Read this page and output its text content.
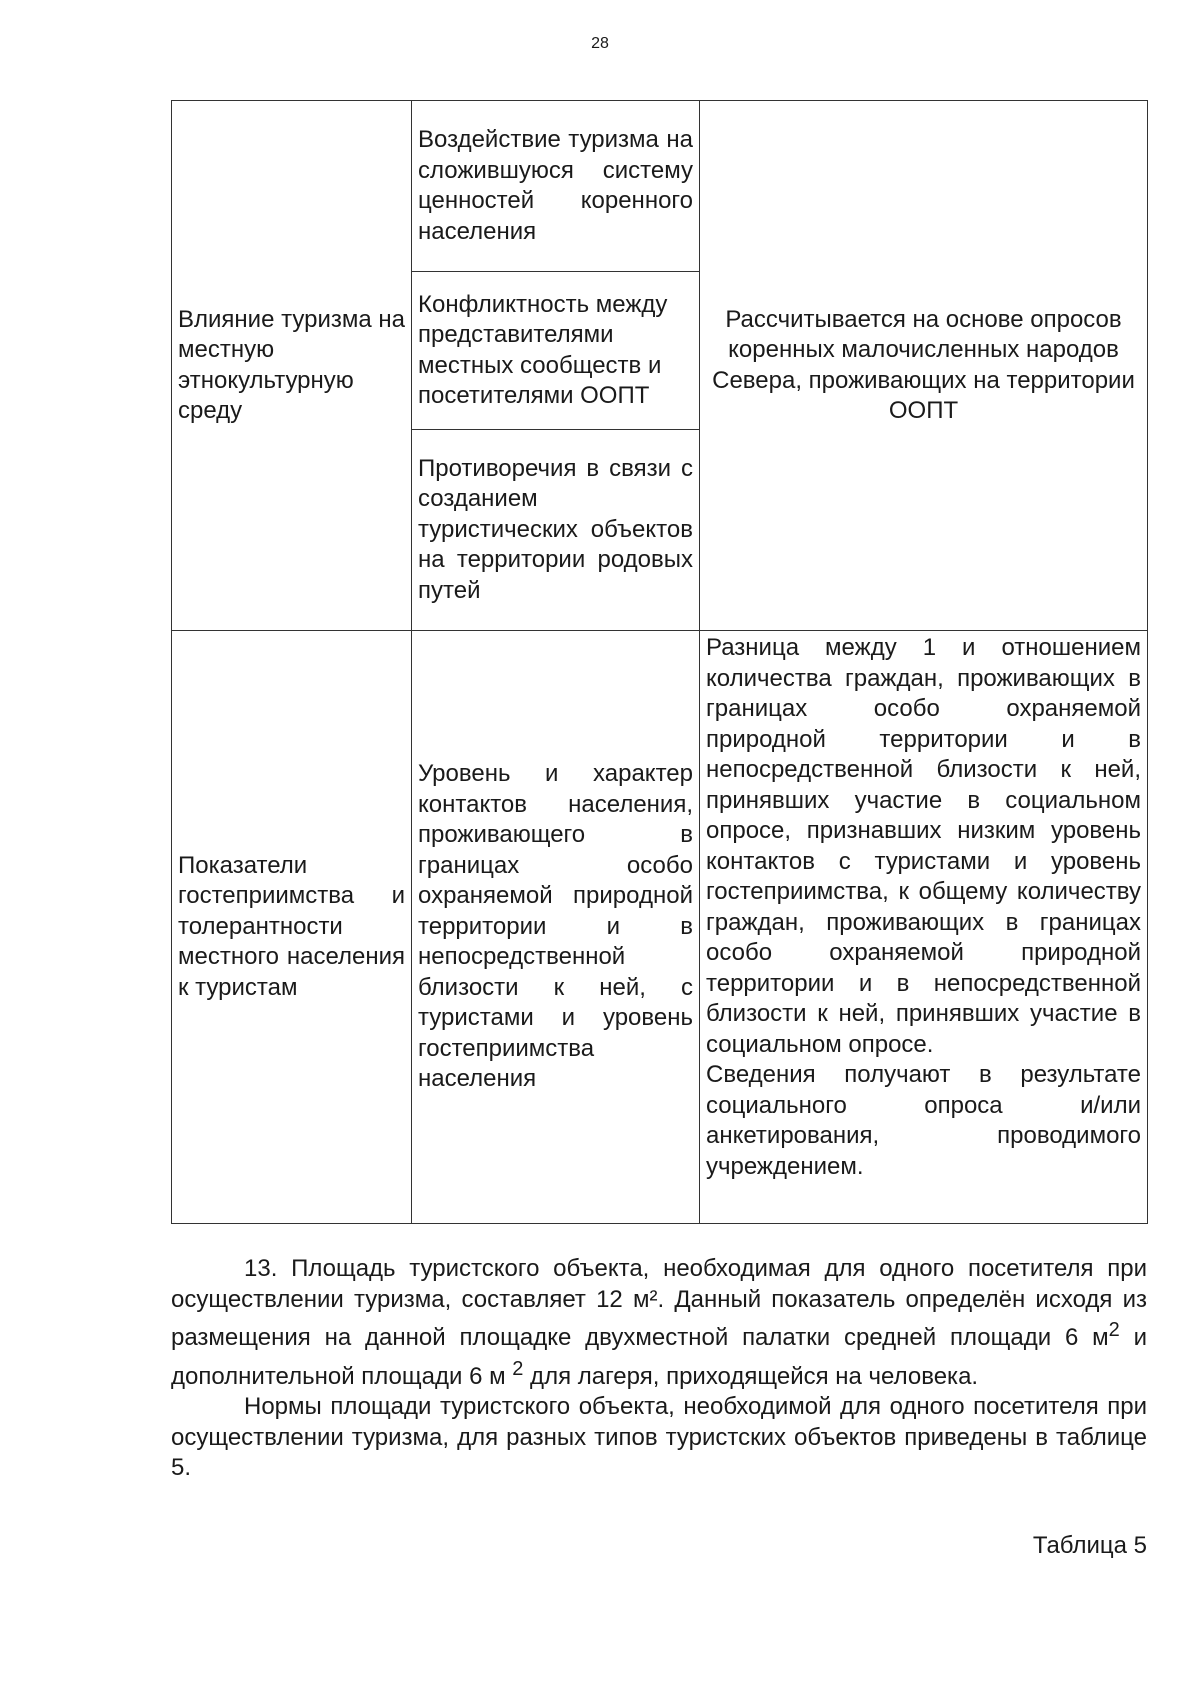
28
Влияние туризма на местную этнокультурную среду	Воздействие туризма на сложившуюся систему ценностей коренного населения	Рассчитывается на основе опросов коренных малочисленных народов Севера, проживающих на территории ООПТ
	Конфликтность между представителями местных сообществ и посетителями ООПТ	
	Противоречия в связи с созданием туристических объектов на территории родовых путей	
Показатели гостеприимства и толерантности местного населения к туристам	Уровень и характер контактов населения, проживающего в границах особо охраняемой природной территории и в непосредственной близости к ней, с туристами и уровень гостеприимства населения	Разница между 1 и отношением количества граждан, проживающих в границах особо охраняемой природной территории и в непосредственной близости к ней, принявших участие в социальном опросе, признавших низким уровень контактов с туристами и уровень гостеприимства, к общему количеству граждан, проживающих в границах особо охраняемой природной территории и в непосредственной близости к ней, принявших участие в социальном опросе.
Сведения получают в результате социального опроса и/или анкетирования, проводимого учреждением.

13. Площадь туристского объекта, необходимая для одного посетителя при осуществлении туризма, составляет 12 м². Данный показатель определён исходя из размещения на данной площадке двухместной палатки средней площади 6 $м^2$ и дополнительной площади 6 м $^2$ для лагеря, приходящейся на человека.

Нормы площади туристского объекта, необходимой для одного посетителя при осуществлении туризма, для разных типов туристских объектов приведены в таблице 5.

Таблица 5
